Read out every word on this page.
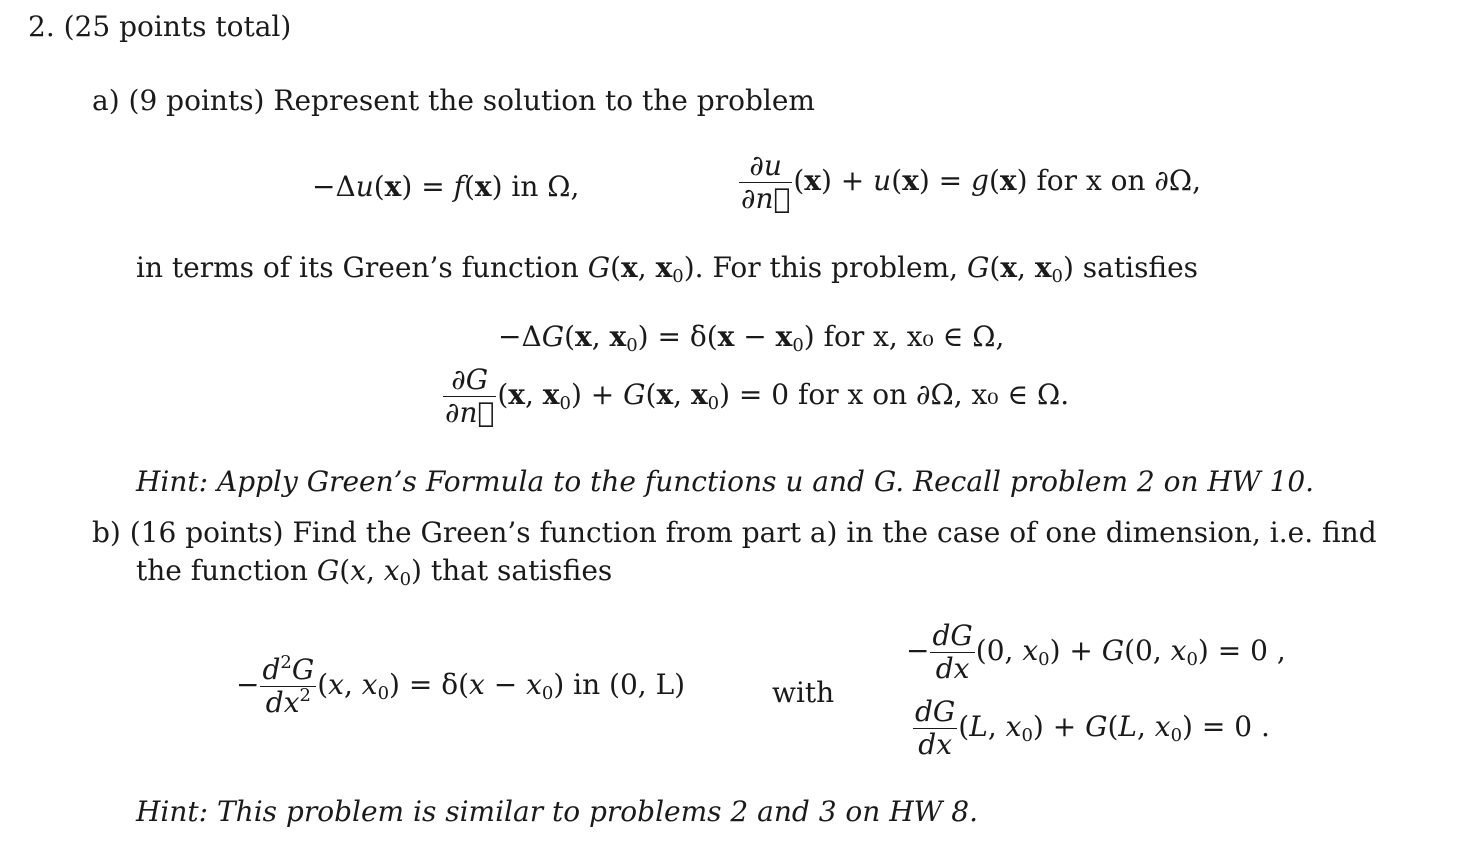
2. (25 points total)
a) (9 points) Represent the solution to the problem
−Δu(x) = f(x) in Ω,	$\frac{\partial u}{\partial n⃗} (x) + u(x) = g(x)$ for x on ∂Ω,
in terms of its Green’s function G(x, $x_0$). For this problem, G(x, $x_0$) satisfies
−ΔG(x, $x_0) = \delta(x - x_0)$ for x, x₀ ∈ Ω,
$\frac{\partial G}{\partial n⃗} (x$, $x_0) + G(x$, $x_0) = 0$ for x on ∂Ω, x₀ ∈ Ω.
Hint: Apply Green’s Formula to the functions u and G. Recall problem 2 on HW 10.
b) (16 points) Find the Green’s function from part a) in the case of one dimension, i.e. find
the function G(x, $x_0$) that satisfies
− $\frac{d^2G}{dx^2} (x$, $x_0) = \delta(x - x_0)$ in (0, L)	with
− $\frac{dG}{dx} (0$, $x_0) + G(0$, $x_0) = 0$ ,
$\frac{dG}{dx} (L$, $x_0) + G(L$, $x_0) = 0$ .
Hint: This problem is similar to problems 2 and 3 on HW 8.
